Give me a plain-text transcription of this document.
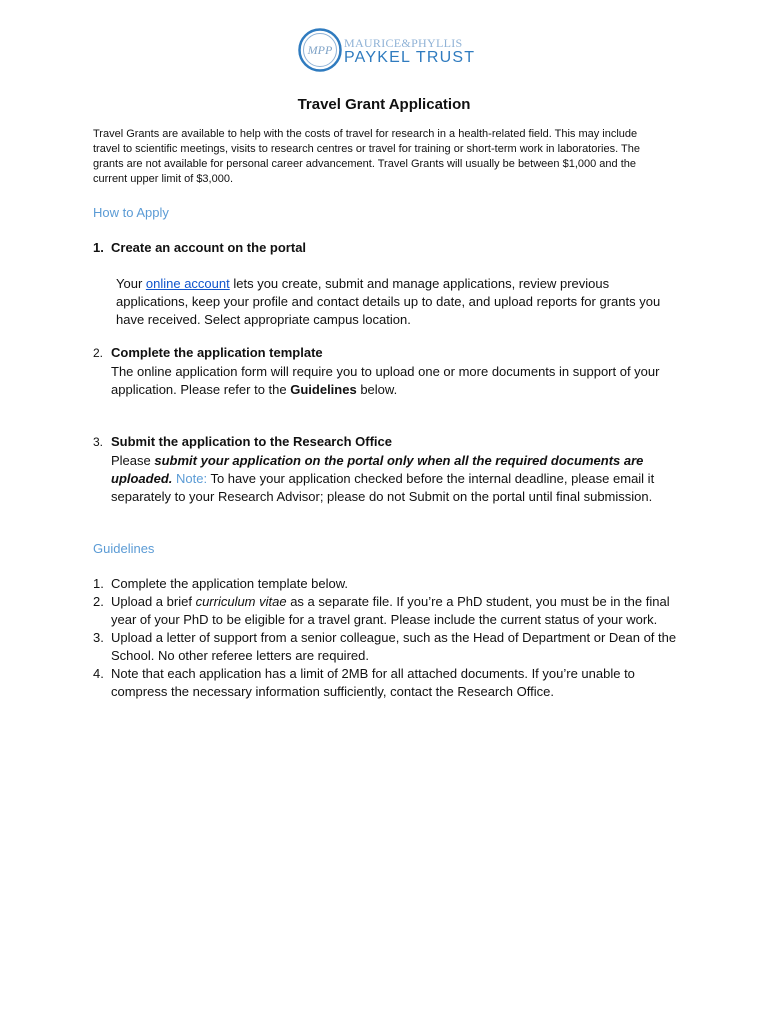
MPP MAURICE&PHYLLIS
PAYKEL TRUST
Travel Grant Application
Travel Grants are available to help with the costs of travel for research in a health-related field. This may include travel to scientific meetings, visits to research centres or travel for training or short-term work in laboratories. The grants are not available for personal career advancement. Travel Grants will usually be between $1,000 and the current upper limit of $3,000.
How to Apply
1. Create an account on the portal
Your online account lets you create, submit and manage applications, review previous applications, keep your profile and contact details up to date, and upload reports for grants you have received. Select appropriate campus location.
2. Complete the application template
The online application form will require you to upload one or more documents in support of your application. Please refer to the Guidelines below.
3. Submit the application to the Research Office
Please submit your application on the portal only when all the required documents are uploaded. Note: To have your application checked before the internal deadline, please email it separately to your Research Advisor; please do not Submit on the portal until final submission.
Guidelines
1. Complete the application template below.
2. Upload a brief curriculum vitae as a separate file. If you’re a PhD student, you must be in the final year of your PhD to be eligible for a travel grant. Please include the current status of your work.
3. Upload a letter of support from a senior colleague, such as the Head of Department or Dean of the School. No other referee letters are required.
4. Note that each application has a limit of 2MB for all attached documents. If you’re unable to compress the necessary information sufficiently, contact the Research Office.
